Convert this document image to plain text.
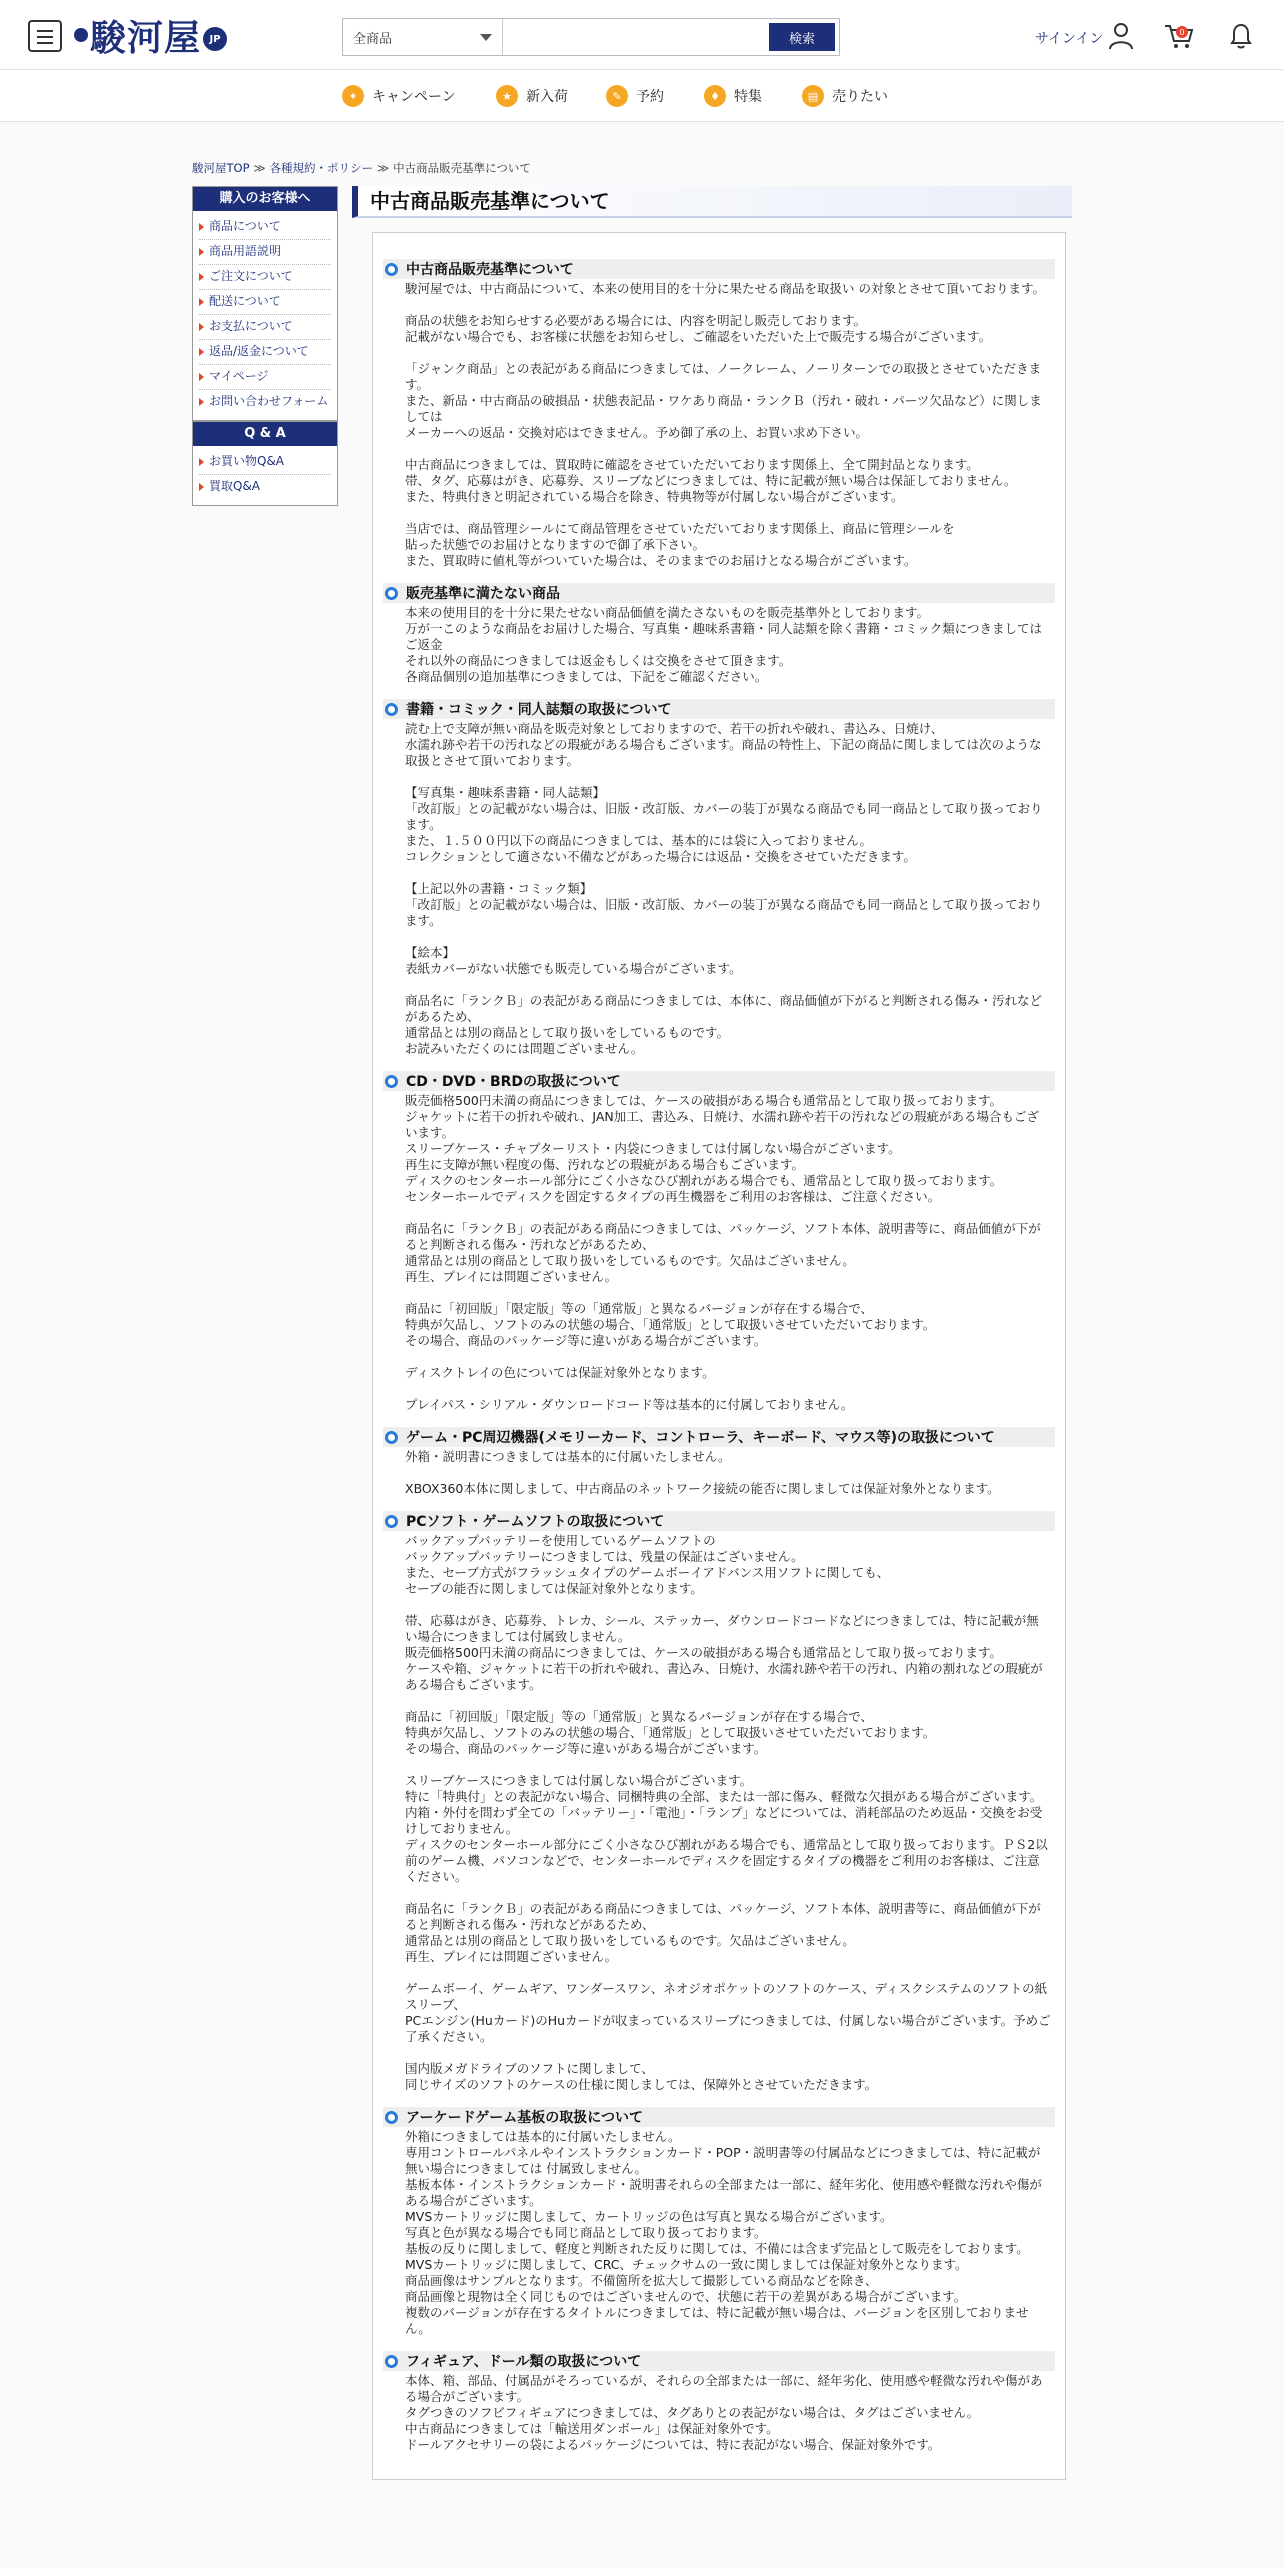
駿河屋 JP	全商品	検索	サインイン	0
✦	キャンペーン	★	新入荷	✎	予約	♦	特集	▤ 売りたい
駿河屋TOP ≫ 各種規約・ポリシー ≫ 中古商品販売基準について
購入のお客様へ
商品について
商品用語説明
ご注文について
配送について
お支払について
返品/返金について
マイページ
お問い合わせフォーム
Q & A
お買い物Q&A
買取Q&A
中古商品販売基準について
中古商品販売基準について

駿河屋では、中古商品について、本来の使用目的を十分に果たせる商品を取扱い の対象とさせて頂いております。

商品の状態をお知らせする必要がある場合には、内容を明記し販売しております。
記載がない場合でも、お客様に状態をお知らせし、ご確認をいただいた上で販売する場合がございます。

「ジャンク商品」との表記がある商品につきましては、ノークレーム、ノーリターンでの取扱とさせていただきます。
また、新品・中古商品の破損品・状態表記品・ワケあり商品・ランクＢ（汚れ・破れ・パーツ欠品など）に関しましては
メーカーへの返品・交換対応はできません。予め御了承の上、お買い求め下さい。

中古商品につきましては、買取時に確認をさせていただいております関係上、全て開封品となります。
帯、タグ、応募はがき、応募券、スリーブなどにつきましては、特に記載が無い場合は保証しておりません。
また、特典付きと明記されている場合を除き、特典物等が付属しない場合がございます。

当店では、商品管理シールにて商品管理をさせていただいております関係上、商品に管理シールを
貼った状態でのお届けとなりますので御了承下さい。
また、買取時に値札等がついていた場合は、そのままでのお届けとなる場合がございます。

販売基準に満たない商品

本来の使用目的を十分に果たせない商品価値を満たさないものを販売基準外としております。
万が一このような商品をお届けした場合、写真集・趣味系書籍・同人誌類を除く書籍・コミック類につきましてはご返金
それ以外の商品につきましては返金もしくは交換をさせて頂きます。
各商品個別の追加基準につきましては、下記をご確認ください。

書籍・コミック・同人誌類の取扱について

読む上で支障が無い商品を販売対象としておりますので、若干の折れや破れ、書込み、日焼け、
水濡れ跡や若干の汚れなどの瑕疵がある場合もございます。商品の特性上、下記の商品に関しましては次のような取扱とさせて頂いております。

【写真集・趣味系書籍・同人誌類】
「改訂版」との記載がない場合は、旧版・改訂版、カバーの装丁が異なる商品でも同一商品として取り扱っております。
また、１.５００円以下の商品につきましては、基本的には袋に入っておりません。
コレクションとして適さない不備などがあった場合には返品・交換をさせていただきます。

【上記以外の書籍・コミック類】
「改訂版」との記載がない場合は、旧版・改訂版、カバーの装丁が異なる商品でも同一商品として取り扱っております。

【絵本】
表紙カバーがない状態でも販売している場合がございます。

商品名に「ランクＢ」の表記がある商品につきましては、本体に、商品価値が下がると判断される傷み・汚れなどがあるため、
通常品とは別の商品として取り扱いをしているものです。
お読みいただくのには問題ございません。

CD・DVD・BRDの取扱について

販売価格500円未満の商品につきましては、ケースの破損がある場合も通常品として取り扱っております。
ジャケットに若干の折れや破れ、JAN加工、書込み、日焼け、水濡れ跡や若干の汚れなどの瑕疵がある場合もございます。
スリーブケース・チャプターリスト・内袋につきましては付属しない場合がございます。
再生に支障が無い程度の傷、汚れなどの瑕疵がある場合もございます。
ディスクのセンターホール部分にごく小さなひび割れがある場合でも、通常品として取り扱っております。
センターホールでディスクを固定するタイプの再生機器をご利用のお客様は、ご注意ください。

商品名に「ランクＢ」の表記がある商品につきましては、パッケージ、ソフト本体、説明書等に、商品価値が下がると判断される傷み・汚れなどがあるため、
通常品とは別の商品として取り扱いをしているものです。欠品はございません。
再生、プレイには問題ございません。

商品に「初回版」「限定版」等の「通常版」と異なるバージョンが存在する場合で、
特典が欠品し、ソフトのみの状態の場合、「通常版」として取扱いさせていただいております。
その場合、商品のパッケージ等に違いがある場合がございます。

ディスクトレイの色については保証対象外となります。

プレイパス・シリアル・ダウンロードコード等は基本的に付属しておりません。

ゲーム・PC周辺機器(メモリーカード、コントローラ、キーボード、マウス等)の取扱について

外箱・説明書につきましては基本的に付属いたしません。

XBOX360本体に関しまして、中古商品のネットワーク接続の能否に関しましては保証対象外となります。

PCソフト・ゲームソフトの取扱について

バックアップバッテリーを使用しているゲームソフトの
バックアップバッテリーにつきましては、残量の保証はございません。
また、セーブ方式がフラッシュタイプのゲームボーイアドバンス用ソフトに関しても、
セーブの能否に関しましては保証対象外となります。

帯、応募はがき、応募券、トレカ、シール、ステッカー、ダウンロードコードなどにつきましては、特に記載が無い場合につきましては付属致しません。
販売価格500円未満の商品につきましては、ケースの破損がある場合も通常品として取り扱っております。
ケースや箱、ジャケットに若干の折れや破れ、書込み、日焼け、水濡れ跡や若干の汚れ、内箱の割れなどの瑕疵がある場合もございます。

商品に「初回版」「限定版」等の「通常版」と異なるバージョンが存在する場合で、
特典が欠品し、ソフトのみの状態の場合、「通常版」として取扱いさせていただいております。
その場合、商品のパッケージ等に違いがある場合がございます。

スリーブケースにつきましては付属しない場合がございます。
特に「特典付」との表記がない場合、同梱特典の全部、または一部に傷み、軽微な欠損がある場合がございます。
内箱・外付を問わず全ての「バッテリー」・「電池」・「ランプ」などについては、消耗部品のため返品・交換をお受けしておりません。
ディスクのセンターホール部分にごく小さなひび割れがある場合でも、通常品として取り扱っております。ＰＳ2以前のゲーム機、パソコンなどで、センターホールでディスクを固定するタイプの機器をご利用のお客様は、ご注意ください。

商品名に「ランクＢ」の表記がある商品につきましては、パッケージ、ソフト本体、説明書等に、商品価値が下がると判断される傷み・汚れなどがあるため、
通常品とは別の商品として取り扱いをしているものです。欠品はございません。
再生、プレイには問題ございません。

ゲームボーイ、ゲームギア、ワンダースワン、ネオジオポケットのソフトのケース、ディスクシステムのソフトの紙スリーブ、
PCエンジン(Huカード)のHuカードが収まっているスリーブにつきましては、付属しない場合がございます。予めご了承ください。

国内版メガドライブのソフトに関しまして、
同じサイズのソフトのケースの仕様に関しましては、保障外とさせていただきます。

アーケードゲーム基板の取扱について

外箱につきましては基本的に付属いたしません。
専用コントロールパネルやインストラクションカード・POP・説明書等の付属品などにつきましては、特に記載が無い場合につきましては 付属致しません。
基板本体・インストラクションカード・説明書それらの全部または一部に、経年劣化、使用感や軽微な汚れや傷がある場合がございます。
MVSカートリッジに関しまして、カートリッジの色は写真と異なる場合がございます。
写真と色が異なる場合でも同じ商品として取り扱っております。
基板の反りに関しまして、軽度と判断された反りに関しては、不備には含まず完品として販売をしております。
MVSカートリッジに関しまして、CRC、チェックサムの一致に関しましては保証対象外となります。
商品画像はサンプルとなります。不備箇所を拡大して撮影している商品などを除き、
商品画像と現物は全く同じものではございませんので、状態に若干の差異がある場合がございます。
複数のバージョンが存在するタイトルにつきましては、特に記載が無い場合は、バージョンを区別しておりません。

フィギュア、ドール類の取扱について

本体、箱、部品、付属品がそろっているが、それらの全部または一部に、経年劣化、使用感や軽微な汚れや傷がある場合がございます。
タグつきのソフビフィギュアにつきましては、タグありとの表記がない場合は、タグはございません。
中古商品につきましては「輸送用ダンボール」は保証対象外です。
ドールアクセサリーの袋によるパッケージについては、特に表記がない場合、保証対象外です。
